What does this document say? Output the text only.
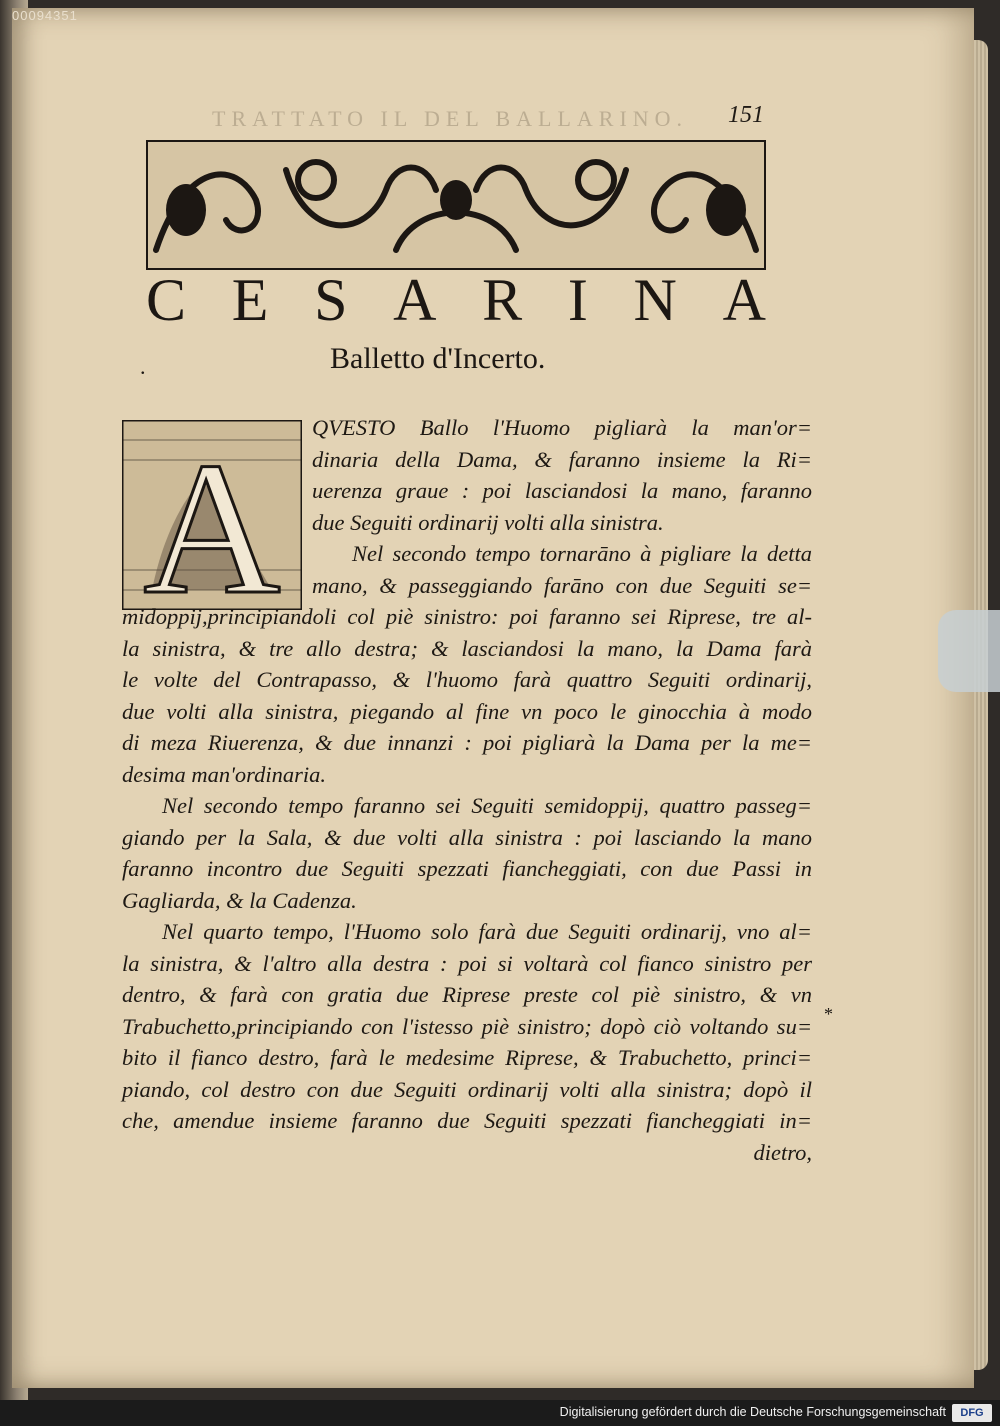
00094351
TRATTATO IL DEL BALLARINO. 151
C E S A R I N A
.	Balletto d'Incerto.
A QVESTO Ballo l'Huomo pigliarà la man'or=
dinaria della Dama, & faranno insieme la Ri=
uerenza graue : poi lasciandosi la mano, faranno
due Seguiti ordinarij volti alla sinistra.
Nel secondo tempo tornarāno à pigliare la detta
mano, & passeggiando farāno con due Seguiti se=
midoppij,principiandoli col piè sinistro: poi faranno sei Riprese, tre al-
la sinistra, & tre allo destra; & lasciandosi la mano, la Dama farà
le volte del Contrapasso, & l'huomo farà quattro Seguiti ordinarij,
due volti alla sinistra, piegando al fine vn poco le ginocchia à modo
di meza Riuerenza, & due innanzi : poi pigliarà la Dama per la me=
desima man'ordinaria.
Nel secondo tempo faranno sei Seguiti semidoppij, quattro passeg=
giando per la Sala, & due volti alla sinistra : poi lasciando la mano
faranno incontro due Seguiti spezzati fiancheggiati, con due Passi in
Gagliarda, & la Cadenza.
Nel quarto tempo, l'Huomo solo farà due Seguiti ordinarij, vno al=
la sinistra, & l'altro alla destra : poi si voltarà col fianco sinistro per
dentro, & farà con gratia due Riprese preste col piè sinistro, & vn
Trabuchetto,principiando con l'istesso piè sinistro; dopò ciò voltando su=
bito il fianco destro, farà le medesime Riprese, & Trabuchetto, princi=
piando, col destro con due Seguiti ordinarij volti alla sinistra; dopò il
che, amendue insieme faranno due Seguiti spezzati fiancheggiati in=
dietro,
*
Digitalisierung gefördert durch die Deutsche Forschungsgemeinschaft	DFG
